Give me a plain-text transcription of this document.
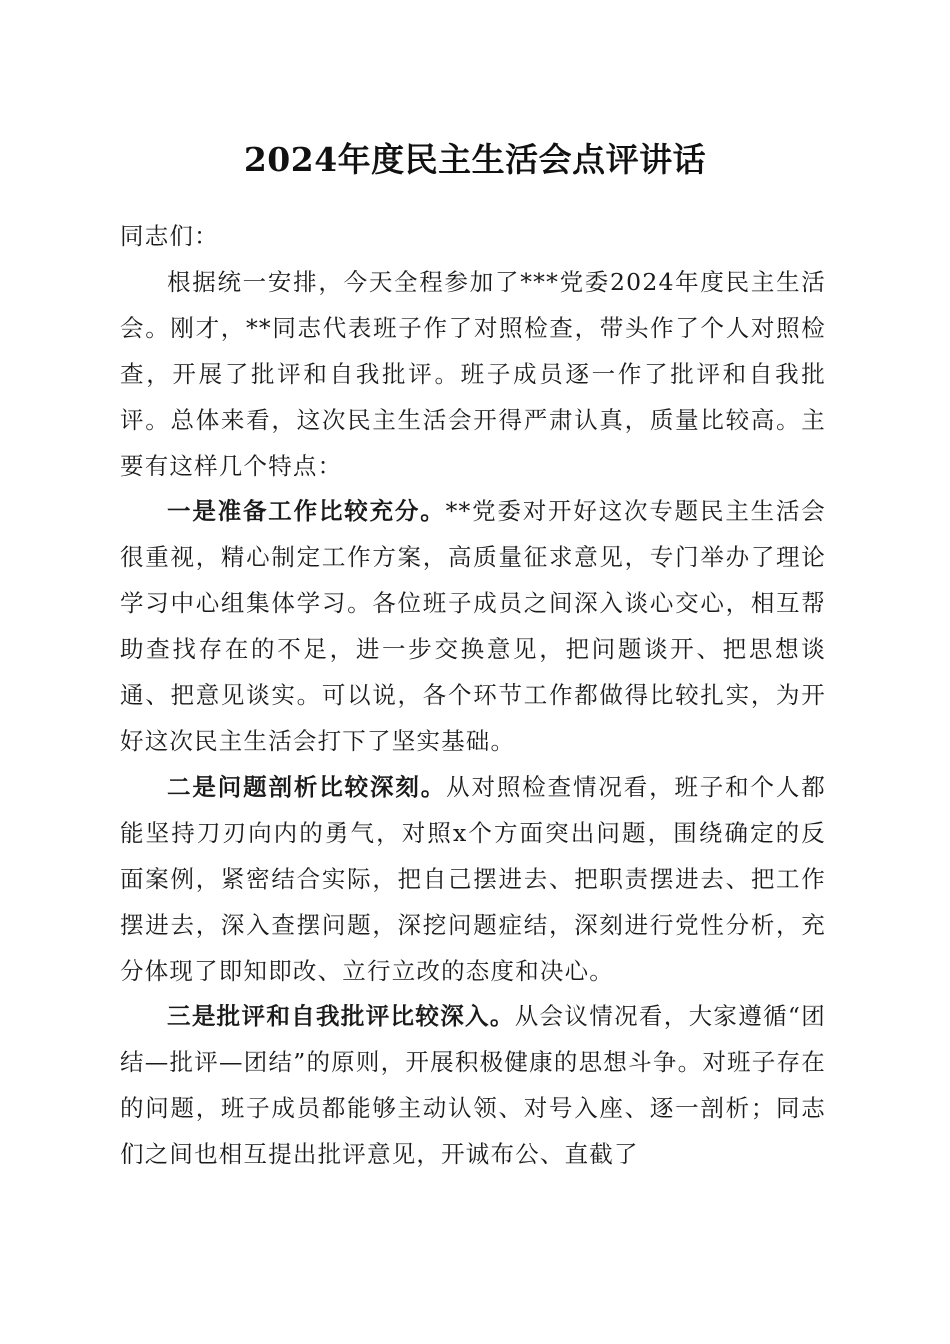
2024年度民主生活会点评讲话

同志们：

根据统一安排，今天全程参加了***党委2024年度民主生活会。刚才，**同志代表班子作了对照检查，带头作了个人对照检查，开展了批评和自我批评。班子成员逐一作了批评和自我批评。总体来看，这次民主生活会开得严肃认真，质量比较高。主要有这样几个特点：

一是准备工作比较充分。**党委对开好这次专题民主生活会很重视，精心制定工作方案，高质量征求意见，专门举办了理论学习中心组集体学习。各位班子成员之间深入谈心交心，相互帮助查找存在的不足，进一步交换意见，把问题谈开、把思想谈通、把意见谈实。可以说，各个环节工作都做得比较扎实，为开好这次民主生活会打下了坚实基础。

二是问题剖析比较深刻。从对照检查情况看，班子和个人都能坚持刀刃向内的勇气，对照x个方面突出问题，围绕确定的反面案例，紧密结合实际，把自己摆进去、把职责摆进去、把工作摆进去，深入查摆问题，深挖问题症结，深刻进行党性分析，充分体现了即知即改、立行立改的态度和决心。

三是批评和自我批评比较深入。从会议情况看，大家遵循“团结—批评—团结”的原则，开展积极健康的思想斗争。对班子存在的问题，班子成员都能够主动认领、对号入座、逐一剖析；同志们之间也相互提出批评意见，开诚布公、直截了
